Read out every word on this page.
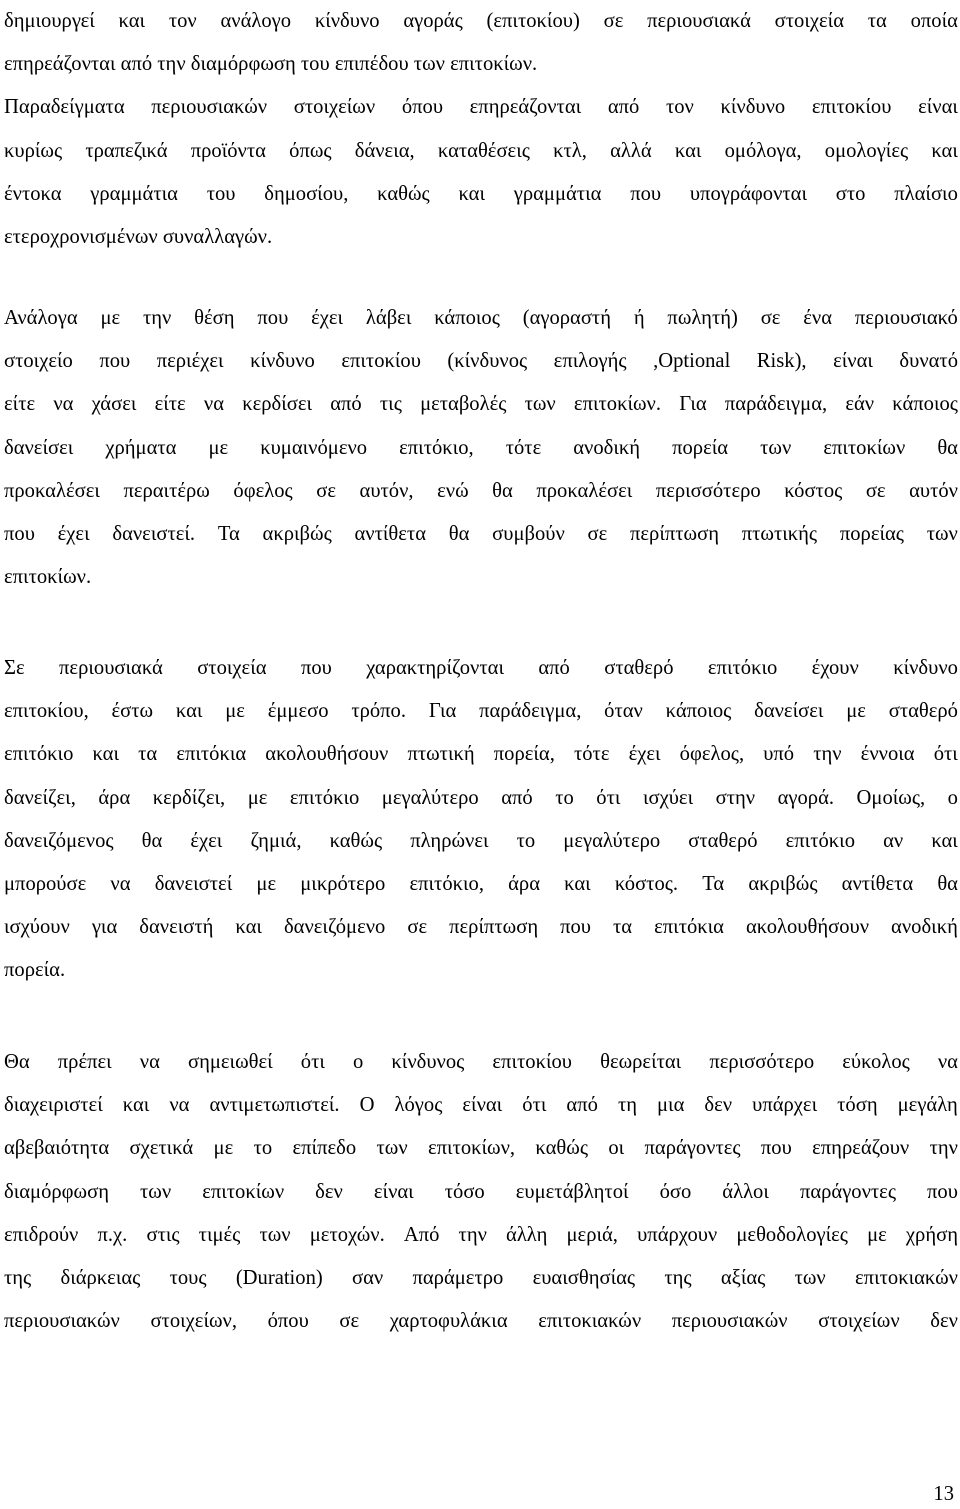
δημιουργεί και τον ανάλογο κίνδυνο αγοράς (επιτοκίου) σε περιουσιακά στοιχεία τα οποία
επηρεάζονται από την διαμόρφωση του επιπέδου των επιτοκίων.
Παραδείγματα περιουσιακών στοιχείων όπου επηρεάζονται από τον κίνδυνο επιτοκίου είναι
κυρίως τραπεζικά προϊόντα όπως δάνεια, καταθέσεις κτλ, αλλά και ομόλογα, ομολογίες και
έντοκα γραμμάτια του δημοσίου, καθώς και γραμμάτια που υπογράφονται στο πλαίσιο
ετεροχρονισμένων συναλλαγών.
Ανάλογα με την θέση που έχει λάβει κάποιος (αγοραστή ή πωλητή) σε ένα περιουσιακό
στοιχείο που περιέχει κίνδυνο επιτοκίου (κίνδυνος επιλογής ,Optional Risk), είναι δυνατό
είτε να χάσει είτε να κερδίσει από τις μεταβολές των επιτοκίων. Για παράδειγμα, εάν κάποιος
δανείσει χρήματα με κυμαινόμενο επιτόκιο, τότε ανοδική πορεία των επιτοκίων θα
προκαλέσει περαιτέρω όφελος σε αυτόν, ενώ θα προκαλέσει περισσότερο κόστος σε αυτόν
που έχει δανειστεί. Τα ακριβώς αντίθετα θα συμβούν σε περίπτωση πτωτικής πορείας των
επιτοκίων.
Σε περιουσιακά στοιχεία που χαρακτηρίζονται από σταθερό επιτόκιο έχουν κίνδυνο
επιτοκίου, έστω και με έμμεσο τρόπο. Για παράδειγμα, όταν κάποιος δανείσει με σταθερό
επιτόκιο και τα επιτόκια ακολουθήσουν πτωτική πορεία, τότε έχει όφελος, υπό την έννοια ότι
δανείζει, άρα κερδίζει, με επιτόκιο μεγαλύτερο από το ότι ισχύει στην αγορά. Ομοίως, ο
δανειζόμενος θα έχει ζημιά, καθώς πληρώνει το μεγαλύτερο σταθερό επιτόκιο αν και
μπορούσε να δανειστεί με μικρότερο επιτόκιο, άρα και κόστος. Τα ακριβώς αντίθετα θα
ισχύουν για δανειστή και δανειζόμενο σε περίπτωση που τα επιτόκια ακολουθήσουν ανοδική
πορεία.
Θα πρέπει να σημειωθεί ότι ο κίνδυνος επιτοκίου θεωρείται περισσότερο εύκολος να
διαχειριστεί και να αντιμετωπιστεί. Ο λόγος είναι ότι από τη μια δεν υπάρχει τόση μεγάλη
αβεβαιότητα σχετικά με το επίπεδο των επιτοκίων, καθώς οι παράγοντες που επηρεάζουν την
διαμόρφωση των επιτοκίων δεν είναι τόσο ευμετάβλητοί όσο άλλοι παράγοντες που
επιδρούν π.χ. στις τιμές των μετοχών. Από την άλλη μεριά, υπάρχουν μεθοδολογίες με χρήση
της διάρκειας τους (Duration) σαν παράμετρο ευαισθησίας της αξίας των επιτοκιακών
περιουσιακών στοιχείων, όπου σε χαρτοφυλάκια επιτοκιακών περιουσιακών στοιχείων δεν
13
